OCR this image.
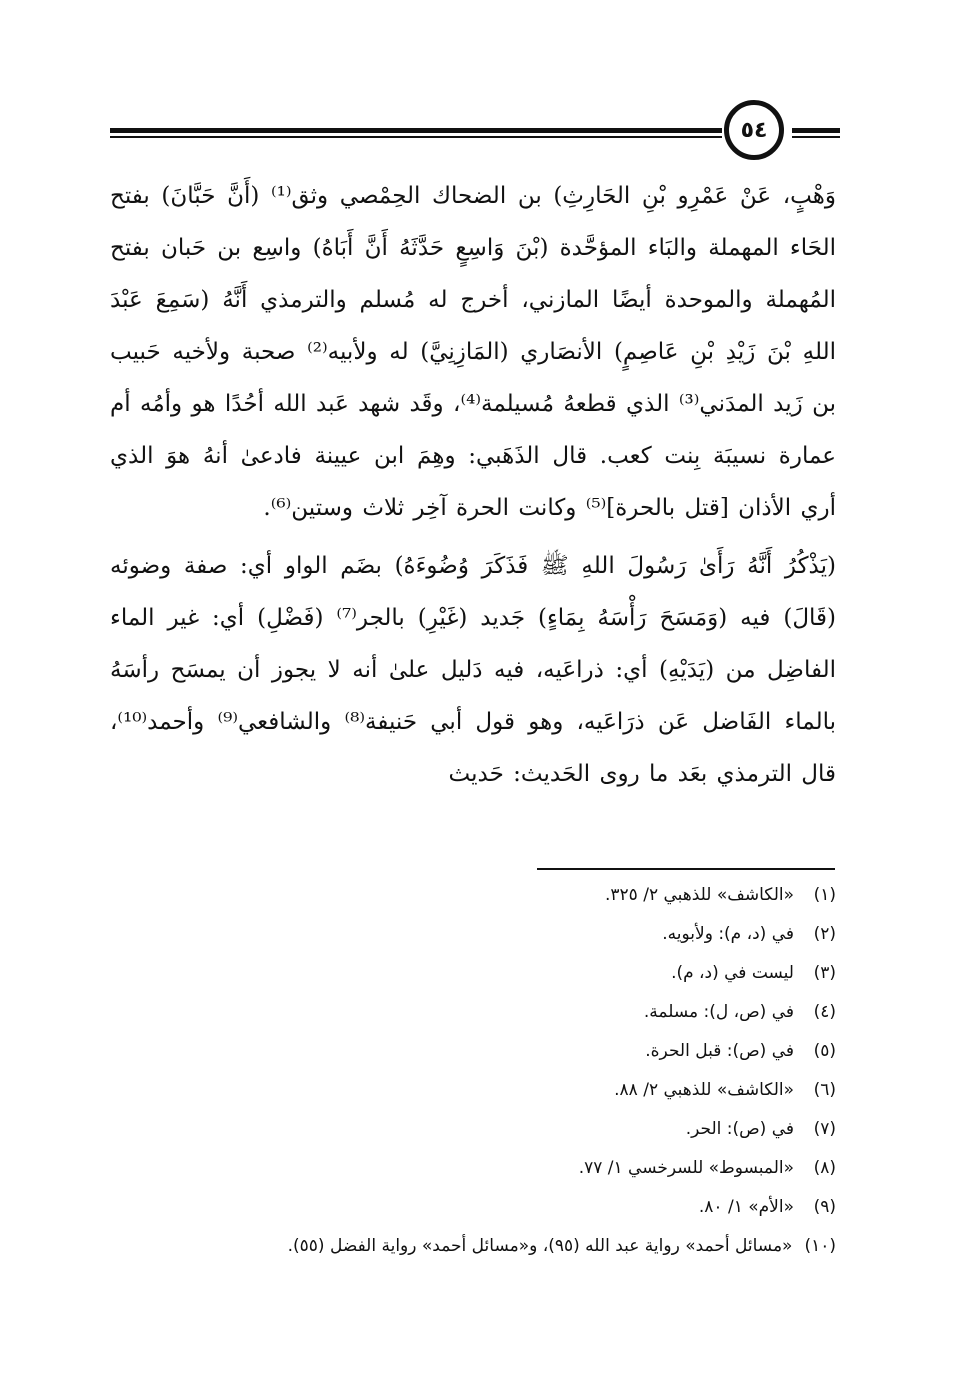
٥٤

وَهْبٍ، عَنْ عَمْرِو بْنِ الحَارِثِ) بن الضحاك الحِمْصي وثق⁽¹⁾ (أَنَّ حَبَّانَ) بفتح الحَاء المهملة والبَاء المؤحَّدة (بْنَ وَاسِعٍ حَدَّثَهُ أَنَّ أَبَاهُ) واسِع بن حَبان بفتح المُهملة والموحدة أيضًا المازني، أخرج له مُسلم والترمذي أَنَّهُ (سَمِعَ عَبْدَ اللهِ بْنَ زَيْدِ بْنِ عَاصِمٍ) الأنصَاري (المَازِنِيَّ) له ولأبيه⁽²⁾ صحبة ولأخيه حَبيب بن زَيد المدَني⁽³⁾ الذي قطعهُ مُسيلمة⁽⁴⁾، وقَد شهد عَبد الله أحُدًا هو وأمُه أم عمارة نسيبَة بِنت كعب. قال الذَهَبي: وهِمَ ابن عيينة فادعىٰ أنهُ هوَ الذي أري الأذان [قتل بالحرة]⁽⁵⁾ وكانت الحرة آخِر ثلاث وستين⁽⁶⁾.

(يَذْكُرُ أَنَّهُ رَأَىٰ رَسُولَ اللهِ ﷺ فَذَكَرَ وُضُوءَهُ) بضَم الواو أي: صفة وضوئه (قَالَ) فيه (وَمَسَحَ رَأْسَهُ بِمَاءٍ) جَديد (غَيْرِ) بالجر⁽⁷⁾ (فَضْلِ) أي: غير الماء الفاضِل من (يَدَيْهِ) أي: ذراعَيه، فيه دَليل علىٰ أنه لا يجوز أن يمسَح رأسَهُ بالماء الفَاضل عَن ذرَاعَيه، وهو قول أبي حَنيفة⁽⁸⁾ والشافعي⁽⁹⁾ وأحمد⁽¹⁰⁾، قال الترمذي بعَد ما روى الحَديث: حَديث

(١)«الكاشف» للذهبي ٢/ ٣٢٥.
(٢)في (د، م): ولأبويه.
(٣)ليست في (د، م).
(٤)في (ص، ل): مسلمة.
(٥)في (ص): قبل الحرة.
(٦)«الكاشف» للذهبي ٢/ ٨٨.
(٧)في (ص): الحر.
(٨)«المبسوط» للسرخسي ١/ ٧٧.
(٩)«الأم» ١/ ٨٠.
(١٠)«مسائل أحمد» رواية عبد الله (٩٥)، و«مسائل أحمد» رواية الفضل (٥٥).
